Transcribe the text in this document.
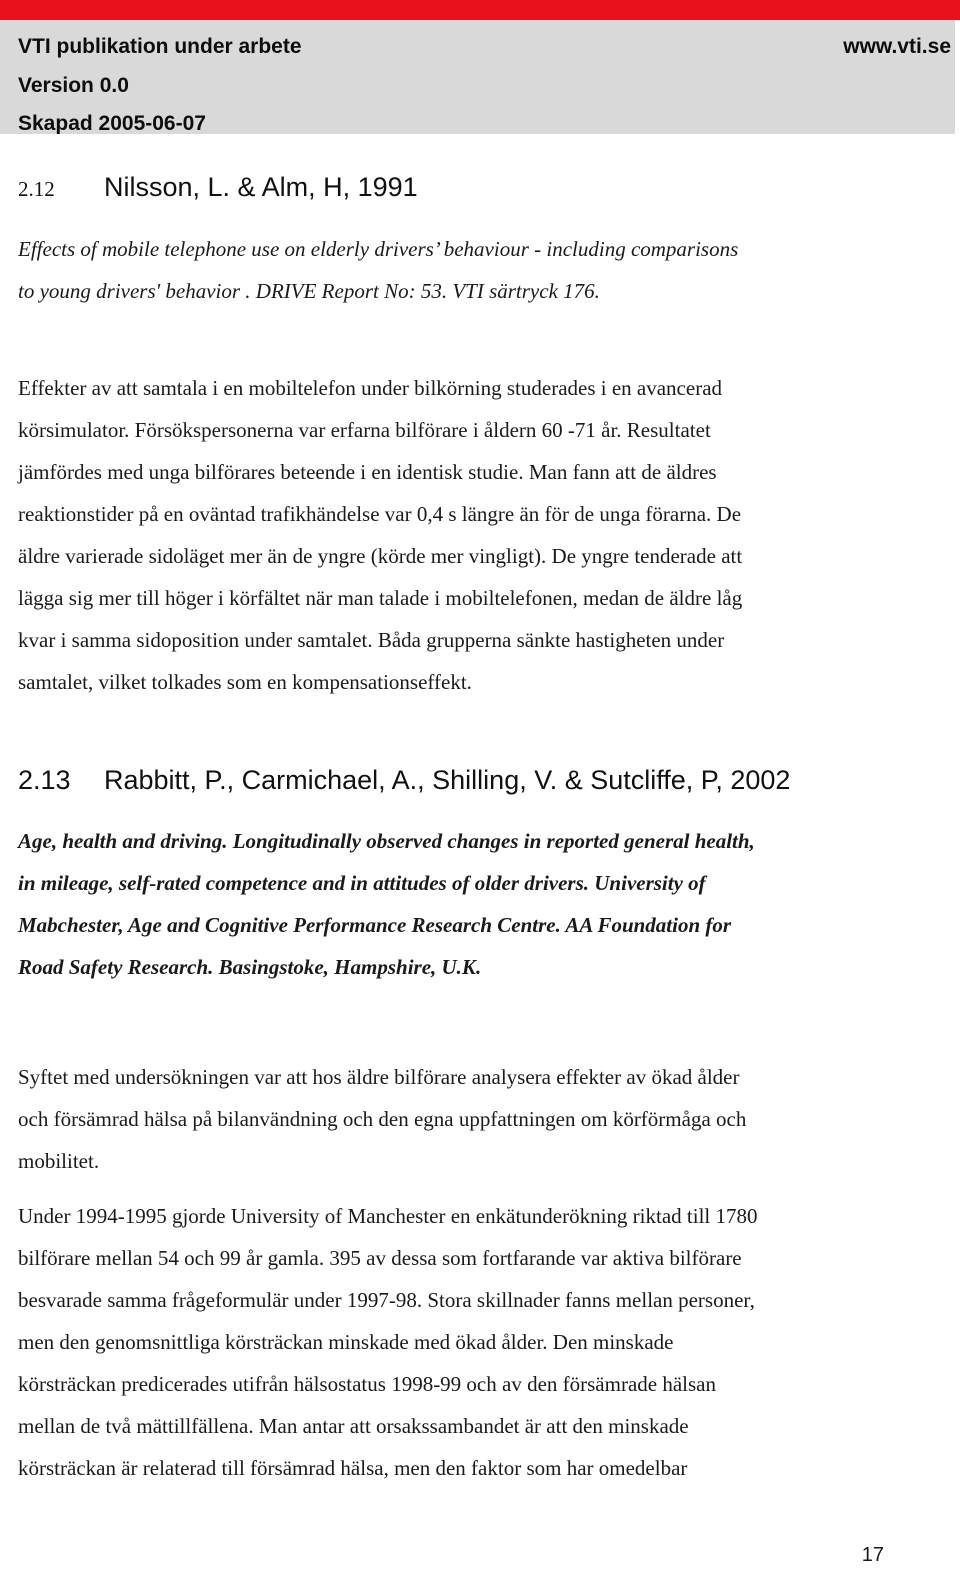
VTI publikation under arbete
Version 0.0
Skapad 2005-06-07
www.vti.se
2.12 Nilsson, L. & Alm, H, 1991
Effects of mobile telephone use on elderly drivers’ behaviour - including comparisons
to young drivers' behavior . DRIVE Report No: 53. VTI särtryck 176.
Effekter av att samtala i en mobiltelefon under bilkörning studerades i en avancerad
körsimulator. Försökspersonerna var erfarna bilförare i åldern 60 -71 år. Resultatet
jämfördes med unga bilförares beteende i en identisk studie. Man fann att de äldres
reaktionstider på en oväntad trafikhändelse var 0,4 s längre än för de unga förarna. De
äldre varierade sidoläget mer än de yngre (körde mer vingligt). De yngre tenderade att
lägga sig mer till höger i körfältet när man talade i mobiltelefonen, medan de äldre låg
kvar i samma sidoposition under samtalet. Båda grupperna sänkte hastigheten under
samtalet, vilket tolkades som en kompensationseffekt.
2.13 Rabbitt, P., Carmichael, A., Shilling, V. & Sutcliffe, P, 2002
Age, health and driving. Longitudinally observed changes in reported general health,
in mileage, self-rated competence and in attitudes of older drivers. University of
Mabchester, Age and Cognitive Performance Research Centre. AA Foundation for
Road Safety Research. Basingstoke, Hampshire, U.K.
Syftet med undersökningen var att hos äldre bilförare analysera effekter av ökad ålder
och försämrad hälsa på bilanvändning och den egna uppfattningen om körförmåga och
mobilitet.
Under 1994-1995 gjorde University of Manchester en enkätunderökning riktad till 1780
bilförare mellan 54 och 99 år gamla. 395 av dessa som fortfarande var aktiva bilförare
besvarade samma frågeformulär under 1997-98. Stora skillnader fanns mellan personer,
men den genomsnittliga körsträckan minskade med ökad ålder. Den minskade
körsträckan predicerades utifrån hälsostatus 1998-99 och av den försämrade hälsan
mellan de två mättillfällena. Man antar att orsakssambandet är att den minskade
körsträckan är relaterad till försämrad hälsa, men den faktor som har omedelbar
17
